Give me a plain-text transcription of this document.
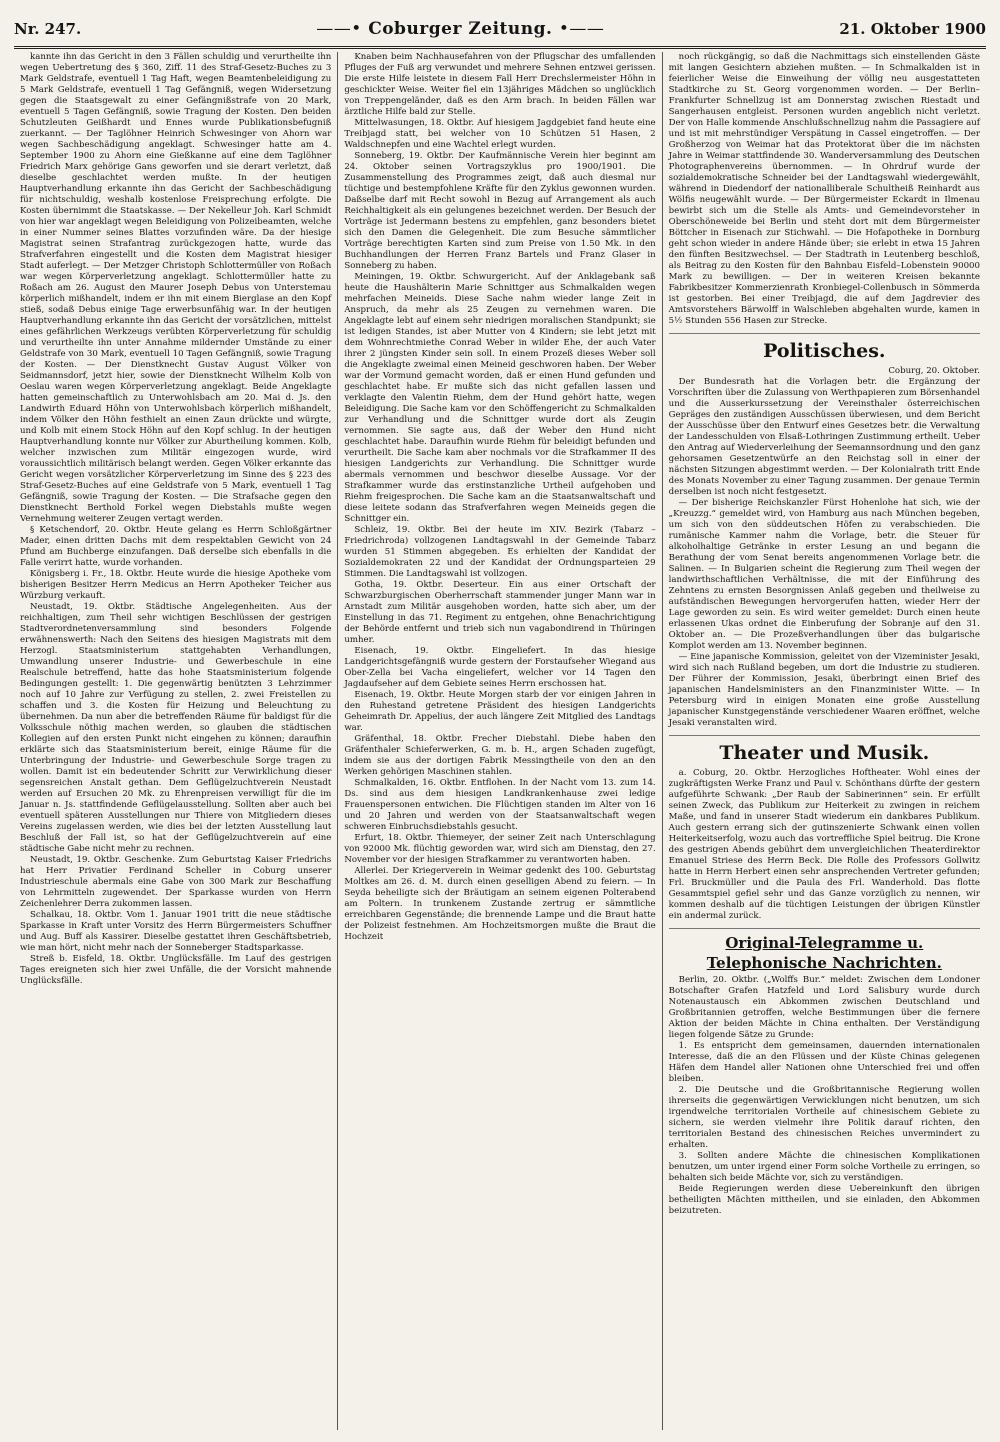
Nr. 247.	——• Coburger Zeitung. •——	21. Oktober 1900

kannte ihn das Gericht in den 3 Fällen schuldig und verurtheilte ihn wegen Uebertretung des § 360, Ziff. 11 des Straf-Gesetz-Buches zu 3 Mark Geldstrafe, eventuell 1 Tag Haft, wegen Beamtenbeleidigung zu 5 Mark Geldstrafe, eventuell 1 Tag Gefängniß, wegen Widersetzung gegen die Staatsgewalt zu einer Gefängnißstrafe von 20 Mark, eventuell 5 Tagen Gefängniß, sowie Tragung der Kosten. Den beiden Schutzleuten Geißhardt und Ennes wurde Publikationsbefugniß zuerkannt. — Der Taglöhner Heinrich Schwesinger von Ahorn war wegen Sachbeschädigung angeklagt. Schwesinger hatte am 4. September 1900 zu Ahorn eine Gießkanne auf eine dem Taglöhner Friedrich Marx gehörige Gans geworfen und sie derart verletzt, daß dieselbe geschlachtet werden mußte. In der heutigen Hauptverhandlung erkannte ihn das Gericht der Sachbeschädigung für nichtschuldig, weshalb kostenlose Freisprechung erfolgte. Die Kosten übernimmt die Staatskasse. — Der Nekelleur Joh. Karl Schmidt von hier war angeklagt wegen Beleidigung von Polizeibeamten, welche in einer Nummer seines Blattes vorzufinden wäre. Da der hiesige Magistrat seinen Strafantrag zurückgezogen hatte, wurde das Strafverfahren eingestellt und die Kosten dem Magistrat hiesiger Stadt auferlegt. — Der Metzger Christoph Schlottermüller von Roßach war wegen Körperverletzung angeklagt. Schlottermüller hatte zu Roßach am 26. August den Maurer Joseph Debus von Unterstemau körperlich mißhandelt, indem er ihn mit einem Bierglase an den Kopf stieß, sodaß Debus einige Tage erwerbsunfähig war. In der heutigen Hauptverhandlung erkannte ihn das Gericht der vorsätzlichen, mittelst eines gefährlichen Werkzeugs verübten Körperverletzung für schuldig und verurtheilte ihn unter Annahme mildernder Umstände zu einer Geldstrafe von 30 Mark, eventuell 10 Tagen Gefängniß, sowie Tragung der Kosten. — Der Dienstknecht Gustav August Völker von Seidmannsdorf, jetzt hier, sowie der Dienstknecht Wilhelm Kolb von Oeslau waren wegen Körperverletzung angeklagt. Beide Angeklagte hatten gemeinschaftlich zu Unterwohlsbach am 20. Mai d. Js. den Landwirth Eduard Höhn von Unterwohlsbach körperlich mißhandelt, indem Völker den Höhn festhielt an einen Zaun drückte und würgte, und Kolb mit einem Stock Höhn auf den Kopf schlug. In der heutigen Hauptverhandlung konnte nur Völker zur Aburtheilung kommen. Kolb, welcher inzwischen zum Militär eingezogen wurde, wird voraussichtlich militärisch belangt werden. Gegen Völker erkannte das Gericht wegen vorsätzlicher Körperverletzung im Sinne des § 223 des Straf-Gesetz-Buches auf eine Geldstrafe von 5 Mark, eventuell 1 Tag Gefängniß, sowie Tragung der Kosten. — Die Strafsache gegen den Dienstknecht Berthold Forkel wegen Diebstahls mußte wegen Vernehmung weiterer Zeugen vertagt werden.

§ Ketschendorf, 20. Oktbr. Heute gelang es Herrn Schloßgärtner Mader, einen dritten Dachs mit dem respektablen Gewicht von 24 Pfund am Buchberge einzufangen. Daß derselbe sich ebenfalls in die Falle verirrt hatte, wurde vorhanden.

Königsberg i. Fr., 18. Oktbr. Heute wurde die hiesige Apotheke vom bisherigen Besitzer Herrn Medicus an Herrn Apotheker Teicher aus Würzburg verkauft.

Neustadt, 19. Oktbr. Städtische Angelegenheiten. Aus der reichhaltigen, zum Theil sehr wichtigen Beschlüssen der gestrigen Stadtverordnetenversammlung sind besonders Folgende erwähnenswerth: Nach den Seitens des hiesigen Magistrats mit dem Herzogl. Staatsministerium stattgehabten Verhandlungen, Umwandlung unserer Industrie- und Gewerbeschule in eine Realschule betreffend, hatte das hohe Staatsministerium folgende Bedingungen gestellt: 1. Die gegenwärtig benützten 3 Lehrzimmer noch auf 10 Jahre zur Verfügung zu stellen, 2. zwei Freistellen zu schaffen und 3. die Kosten für Heizung und Beleuchtung zu übernehmen. Da nun aber die betreffenden Räume für baldigst für die Volksschule nöthig machen werden, so glauben die städtischen Kollegien auf den ersten Punkt nicht eingehen zu können; daraufhin erklärte sich das Staatsministerium bereit, einige Räume für die Unterbringung der Industrie- und Gewerbeschule Sorge tragen zu wollen. Damit ist ein bedeutender Schritt zur Verwirklichung dieser segensreichen Anstalt gethan. Dem Geflügelzuchtverein Neustadt werden auf Ersuchen 20 Mk. zu Ehrenpreisen verwilligt für die im Januar n. Js. stattfindende Geflügelausstellung. Sollten aber auch bei eventuell späteren Ausstellungen nur Thiere von Mitgliedern dieses Vereins zugelassen werden, wie dies bei der letzten Ausstellung laut Beschluß der Fall ist, so hat der Geflügelzuchtverein auf eine städtische Gabe nicht mehr zu rechnen.

Neustadt, 19. Oktbr. Geschenke. Zum Geburtstag Kaiser Friedrichs hat Herr Privatier Ferdinand Scheller in Coburg unserer Industrieschule abermals eine Gabe von 300 Mark zur Beschaffung von Lehrmitteln zugewendet. Der Sparkasse wurden von Herrn Zeichenlehrer Derra zukommen lassen.

Schalkau, 18. Oktbr. Vom 1. Januar 1901 tritt die neue städtische Sparkasse in Kraft unter Vorsitz des Herrn Bürgermeisters Schuffner und Aug. Buff als Kassirer. Dieselbe gestattet ihren Geschäftsbetrieb, wie man hört, nicht mehr nach der Sonneberger Stadtsparkasse.

Streß b. Eisfeld, 18. Oktbr. Unglücksfälle. Im Lauf des gestrigen Tages ereigneten sich hier zwei Unfälle, die der Vorsicht mahnende Unglücksfälle.

Knaben beim Nachhausefahren von der Pflugschar des umfallenden Pfluges der Fuß arg verwundet und mehrere Sehnen entzwei gerissen. Die erste Hilfe leistete in diesem Fall Herr Drechslermeister Höhn in geschickter Weise. Weiter fiel ein 13jähriges Mädchen so unglücklich von Treppengeländer, daß es den Arm brach. In beiden Fällen war ärztliche Hilfe bald zur Stelle.

Mittelwasungen, 18. Oktbr. Auf hiesigem Jagdgebiet fand heute eine Treibjagd statt, bei welcher von 10 Schützen 51 Hasen, 2 Waldschnepfen und eine Wachtel erlegt wurden.

Sonneberg, 19. Oktbr. Der Kaufmännische Verein hier beginnt am 24. Oktober seinen Vortragszyklus pro 1900/1901. Die Zusammenstellung des Programmes zeigt, daß auch diesmal nur tüchtige und bestempfohlene Kräfte für den Zyklus gewonnen wurden. Daßselbe darf mit Recht sowohl in Bezug auf Arrangement als auch Reichhaltigkeit als ein gelungenes bezeichnet werden. Der Besuch der Vorträge ist Jedermann bestens zu empfehlen, ganz besonders bietet sich den Damen die Gelegenheit. Die zum Besuche sämmtlicher Vorträge berechtigten Karten sind zum Preise von 1.50 Mk. in den Buchhandlungen der Herren Franz Bartels und Franz Glaser in Sonneberg zu haben.

Meiningen, 19. Oktbr. Schwurgericht. Auf der Anklagebank saß heute die Haushälterin Marie Schnittger aus Schmalkalden wegen mehrfachen Meineids. Diese Sache nahm wieder lange Zeit in Anspruch, da mehr als 25 Zeugen zu vernehmen waren. Die Angeklagte lebt auf einem sehr niedrigen moralischen Standpunkt; sie ist ledigen Standes, ist aber Mutter von 4 Kindern; sie lebt jetzt mit dem Wohnrechtmiethe Conrad Weber in wilder Ehe, der auch Vater ihrer 2 jüngsten Kinder sein soll. In einem Prozeß dieses Weber soll die Angeklagte zweimal einen Meineid geschworen haben. Der Weber war der Vormund gemacht worden, daß er einen Hund gefunden und geschlachtet habe. Er mußte sich das nicht gefallen lassen und verklagte den Valentin Riehm, dem der Hund gehört hatte, wegen Beleidigung. Die Sache kam vor den Schöffengericht zu Schmalkalden zur Verhandlung und die Schnittger wurde dort als Zeugin vernommen. Sie sagte aus, daß der Weber den Hund nicht geschlachtet habe. Daraufhin wurde Riehm für beleidigt befunden und verurtheilt. Die Sache kam aber nochmals vor die Strafkammer II des hiesigen Landgerichts zur Verhandlung. Die Schnittger wurde abermals vernommen und beschwor dieselbe Aussage. Vor der Strafkammer wurde das erstinstanzliche Urtheil aufgehoben und Riehm freigesprochen. Die Sache kam an die Staatsanwaltschaft und diese leitete sodann das Strafverfahren wegen Meineids gegen die Schnittger ein.

Schleiz, 19. Oktbr. Bei der heute im XIV. Bezirk (Tabarz – Friedrichroda) vollzogenen Landtagswahl in der Gemeinde Tabarz wurden 51 Stimmen abgegeben. Es erhielten der Kandidat der Sozialdemokraten 22 und der Kandidat der Ordnungsparteien 29 Stimmen. Die Landtagswahl ist vollzogen.

Gotha, 19. Oktbr. Deserteur. Ein aus einer Ortschaft der Schwarzburgischen Oberherrschaft stammender junger Mann war in Arnstadt zum Militär ausgehoben worden, hatte sich aber, um der Einstellung in das 71. Regiment zu entgehen, ohne Benachrichtigung der Behörde entfernt und trieb sich nun vagabondirend in Thüringen umher.

Eisenach, 19. Oktbr. Eingeliefert. In das hiesige Landgerichtsgefängniß wurde gestern der Forstaufseher Wiegand aus Ober-Zella bei Vacha eingeliefert, welcher vor 14 Tagen den Jagdaufseher auf dem Gebiete seines Herrn erschossen hat.

Eisenach, 19. Oktbr. Heute Morgen starb der vor einigen Jahren in den Ruhestand getretene Präsident des hiesigen Landgerichts Geheimrath Dr. Appelius, der auch längere Zeit Mitglied des Landtags war.

Gräfenthal, 18. Oktbr. Frecher Diebstahl. Diebe haben den Gräfenthaler Schieferwerken, G. m. b. H., argen Schaden zugefügt, indem sie aus der dortigen Fabrik Messingtheile von den an den Werken gehörigen Maschinen stahlen.

Schmalkalden, 16. Oktbr. Entflohen. In der Nacht vom 13. zum 14. Ds. sind aus dem hiesigen Landkrankenhause zwei ledige Frauenspersonen entwichen. Die Flüchtigen standen im Alter von 16 und 20 Jahren und werden von der Staatsanwaltschaft wegen schweren Einbruchsdiebstahls gesucht.

Erfurt, 18. Oktbr. Thiemeyer, der seiner Zeit nach Unterschlagung von 92000 Mk. flüchtig geworden war, wird sich am Dienstag, den 27. November vor der hiesigen Strafkammer zu verantworten haben.

Allerlei. Der Kriegerverein in Weimar gedenkt des 100. Geburtstag Moltkes am 26. d. M. durch einen geselligen Abend zu feiern. — In Seyda beheiligte sich der Bräutigam an seinem eigenen Polterabend am Poltern. In trunkenem Zustande zertrug er sämmtliche erreichbaren Gegenstände; die brennende Lampe und die Braut hatte der Polizeist festnehmen. Am Hochzeitsmorgen mußte die Braut die Hochzeit

noch rückgängig, so daß die Nachmittags sich einstellenden Gäste mit langen Gesichtern abziehen mußten. — In Schmalkalden ist in feierlicher Weise die Einweihung der völlig neu ausgestatteten Stadtkirche zu St. Georg vorgenommen worden. — Der Berlin–Frankfurter Schnellzug ist am Donnerstag zwischen Riestadt und Sangerhausen entgleist. Personen wurden angeblich nicht verletzt. Der von Halle kommende Anschlußschnellzug nahm die Passagiere auf und ist mit mehrstündiger Verspätung in Cassel eingetroffen. — Der Großherzog von Weimar hat das Protektorat über die im nächsten Jahre in Weimar stattfindende 30. Wanderversammlung des Deutschen Photographenvereins übernommen. — In Ohrdruf wurde der sozialdemokratische Schneider bei der Landtagswahl wiedergewählt, während in Diedendorf der nationalliberale Schultheiß Reinhardt aus Wölfis neugewählt wurde. — Der Bürgermeister Eckardt in Ilmenau bewirbt sich um die Stelle als Amts- und Gemeindevorsteher in Oberschöneweide bei Berlin und steht dort mit dem Bürgermeister Böttcher in Eisenach zur Stichwahl. — Die Hofapotheke in Dornburg geht schon wieder in andere Hände über; sie erlebt in etwa 15 Jahren den fünften Besitzwechsel. — Der Stadtrath in Leutenberg beschloß, als Beitrag zu den Kosten für den Bahnbau Eisfeld–Lobenstein 90000 Mark zu bewilligen. — Der in weiteren Kreisen bekannte Fabrikbesitzer Kommerzienrath Kronbiegel-Collenbusch in Sömmerda ist gestorben. Bei einer Treibjagd, die auf dem Jagdrevier des Amtsvorstehers Bärwolff in Walschleben abgehalten wurde, kamen in 5½ Stunden 556 Hasen zur Strecke.

Politisches.

Coburg, 20. Oktober.

Der Bundesrath hat die Vorlagen betr. die Ergänzung der Vorschriften über die Zulassung von Werthpapieren zum Börsenhandel und die Ausserkurssetzung der Vereinsthaler österreichischen Gepräges den zuständigen Ausschüssen überwiesen, und dem Bericht der Ausschüsse über den Entwurf eines Gesetzes betr. die Verwaltung der Landesschulden von Elsaß-Lothringen Zustimmung ertheilt. Ueber den Antrag auf Wiederverleihung der Seemannsordnung und den ganz gehorsamen Gesetzentwürfe an den Reichstag soll in einer der nächsten Sitzungen abgestimmt werden. — Der Kolonialrath tritt Ende des Monats November zu einer Tagung zusammen. Der genaue Termin derselben ist noch nicht festgesetzt.

— Der bisherige Reichskanzler Fürst Hohenlohe hat sich, wie der „Kreuzzg.“ gemeldet wird, von Hamburg aus nach München begeben, um sich von den süddeutschen Höfen zu verabschieden. Die rumänische Kammer nahm die Vorlage, betr. die Steuer für alkoholhaltige Getränke in erster Lesung an und begann die Berathung der vom Senat bereits angenommenen Vorlage betr. die Salinen. — In Bulgarien scheint die Regierung zum Theil wegen der landwirthschaftlichen Verhältnisse, die mit der Einführung des Zehntens zu ernsten Besorgnissen Anlaß gegeben und theilweise zu aufständischen Bewegungen hervorgerufen hatten, wieder Herr der Lage geworden zu sein. Es wird weiter gemeldet: Durch einen heute erlassenen Ukas ordnet die Einberufung der Sobranje auf den 31. Oktober an. — Die Prozeßverhandlungen über das bulgarische Komplot werden am 13. November beginnen.

— Eine japanische Kommission, geleitet von der Vizeminister Jesaki, wird sich nach Rußland begeben, um dort die Industrie zu studieren. Der Führer der Kommission, Jesaki, überbringt einen Brief des japanischen Handelsministers an den Finanzminister Witte. — In Petersburg wird in einigen Monaten eine große Ausstellung japanischer Kunstgegenstände verschiedener Waaren eröffnet, welche Jesaki veranstalten wird.

Theater und Musik.

a. Coburg, 20. Oktbr. Herzogliches Hoftheater. Wohl eines der zugkräftigsten Werke Franz und Paul v. Schönthans dürfte der gestern aufgeführte Schwank: „Der Raub der Sabinerinnen“ sein. Er erfüllt seinen Zweck, das Publikum zur Heiterkeit zu zwingen in reichem Maße, und fand in unserer Stadt wiederum ein dankbares Publikum. Auch gestern errang sich der gutinszenierte Schwank einen vollen Heiterkeitserfolg, wozu auch das vortreffliche Spiel beitrug. Die Krone des gestrigen Abends gebührt dem unvergleichlichen Theaterdirektor Emanuel Striese des Herrn Beck. Die Rolle des Professors Gollwitz hatte in Herrn Herbert einen sehr ansprechenden Vertreter gefunden; Frl. Bruckmüller und die Paula des Frl. Wanderhold. Das flotte Gesammtspiel gefiel sehr und das Ganze vorzüglich zu nennen, wir kommen deshalb auf die tüchtigen Leistungen der übrigen Künstler ein andermal zurück.

Original-Telegramme u. Telephonische Nachrichten.

Berlin, 20. Oktbr. („Wolffs Bur.“ meldet: Zwischen dem Londoner Botschafter Grafen Hatzfeld und Lord Salisbury wurde durch Notenaustausch ein Abkommen zwischen Deutschland und Großbritannien getroffen, welche Bestimmungen über die fernere Aktion der beiden Mächte in China enthalten. Der Verständigung liegen folgende Sätze zu Grunde:

1. Es entspricht dem gemeinsamen, dauernden internationalen Interesse, daß die an den Flüssen und der Küste Chinas gelegenen Häfen dem Handel aller Nationen ohne Unterschied frei und offen bleiben.

2. Die Deutsche und die Großbritannische Regierung wollen ihrerseits die gegenwärtigen Verwicklungen nicht benutzen, um sich irgendwelche territorialen Vortheile auf chinesischem Gebiete zu sichern, sie werden vielmehr ihre Politik darauf richten, den territorialen Bestand des chinesischen Reiches unvermindert zu erhalten.

3. Sollten andere Mächte die chinesischen Komplikationen benutzen, um unter irgend einer Form solche Vortheile zu erringen, so behalten sich beide Mächte vor, sich zu verständigen.

Beide Regierungen werden diese Uebereinkunft den übrigen betheiligten Mächten mittheilen, und sie einladen, den Abkommen beizutreten.
